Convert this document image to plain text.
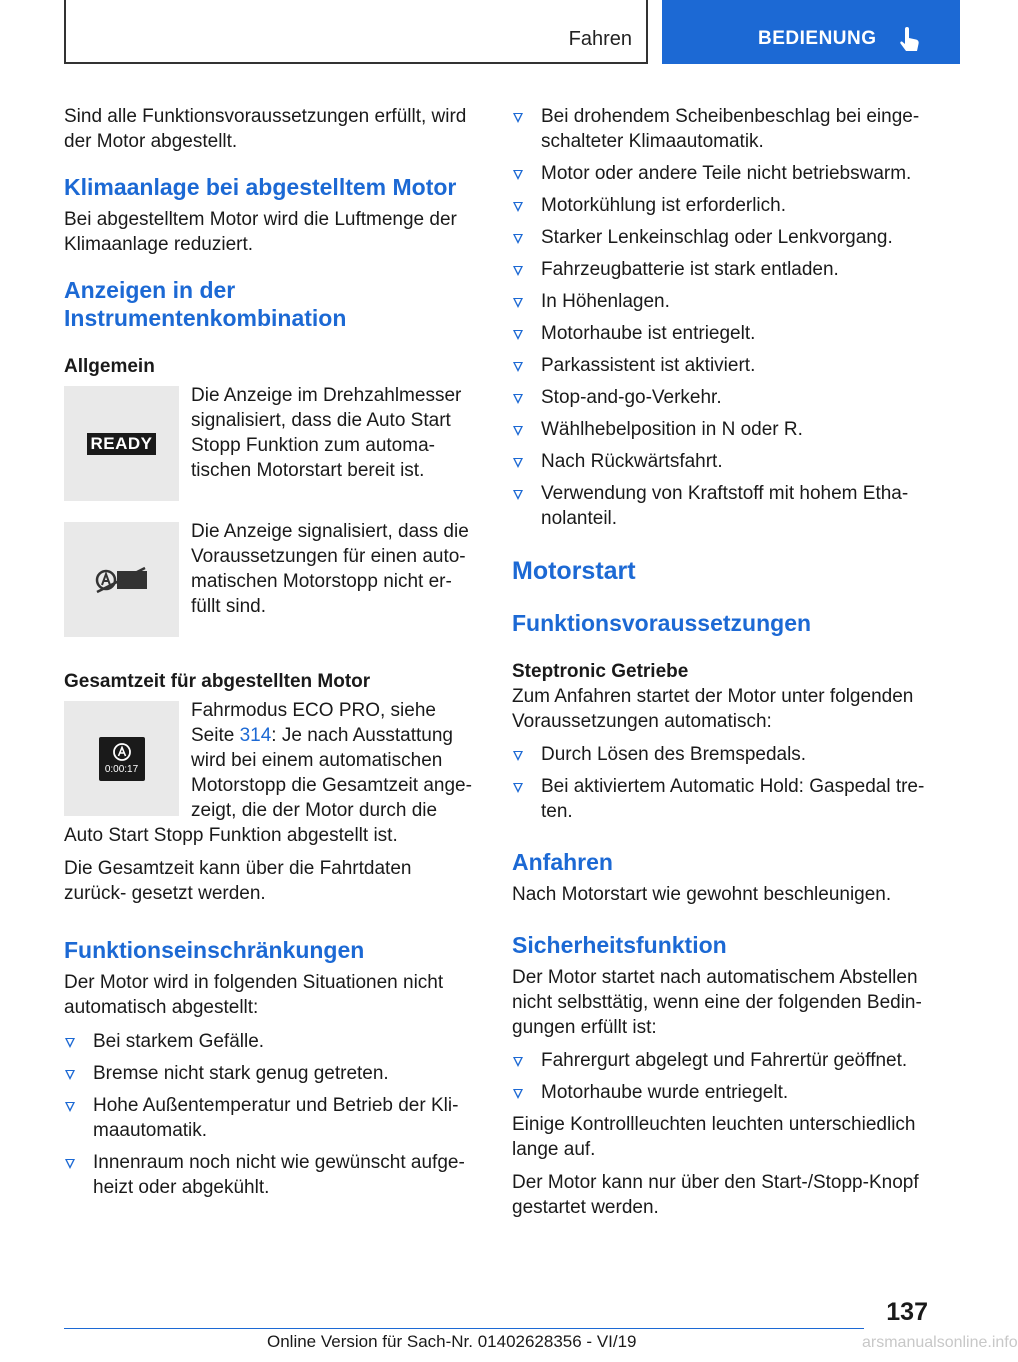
Fahren	BEDIENUNG

Sind alle Funktionsvoraussetzungen erfüllt, wird der Motor abgestellt.

Klimaanlage bei abgestelltem Motor

Bei abgestelltem Motor wird die Luftmenge der Klimaanlage reduziert.

Anzeigen in der Instrumentenkombination
Allgemein
READY

Die Anzeige im Drehzahlmesser signalisiert, dass die Auto Start Stopp Funktion zum automa‐ tischen Motorstart bereit ist.

Die Anzeige signalisiert, dass die Voraussetzungen für einen auto‐ matischen Motorstopp nicht er‐ füllt sind.

Gesamtzeit für abgestellten Motor
0:00:17

Fahrmodus ECO PRO, siehe Seite 314: Je nach Ausstattung wird bei einem automatischen Motorstopp die Gesamtzeit ange‐ zeigt, die der Motor durch die

Auto Start Stopp Funktion abgestellt ist.

Die Gesamtzeit kann über die Fahrtdaten zurück‐ gesetzt werden.

Funktionseinschränkungen

Der Motor wird in folgenden Situationen nicht automatisch abgestellt:

Bei starkem Gefälle.
Bremse nicht stark genug getreten.
Hohe Außentemperatur und Betrieb der Kli‐ maautomatik.
Innenraum noch nicht wie gewünscht aufge‐ heizt oder abgekühlt.
Bei drohendem Scheibenbeschlag bei einge‐ schalteter Klimaautomatik.
Motor oder andere Teile nicht betriebswarm.
Motorkühlung ist erforderlich.
Starker Lenkeinschlag oder Lenkvorgang.
Fahrzeugbatterie ist stark entladen.
In Höhenlagen.
Motorhaube ist entriegelt.
Parkassistent ist aktiviert.
Stop-and-go-Verkehr.
Wählhebelposition in N oder R.
Nach Rückwärtsfahrt.
Verwendung von Kraftstoff mit hohem Etha‐ nolanteil.
Motorstart
Funktionsvoraussetzungen
Steptronic Getriebe

Zum Anfahren startet der Motor unter folgenden Voraussetzungen automatisch:

Durch Lösen des Bremspedals.
Bei aktiviertem Automatic Hold: Gaspedal tre‐ ten.
Anfahren

Nach Motorstart wie gewohnt beschleunigen.

Sicherheitsfunktion

Der Motor startet nach automatischem Abstellen nicht selbsttätig, wenn eine der folgenden Bedin‐ gungen erfüllt ist:

Fahrergurt abgelegt und Fahrertür geöffnet.
Motorhaube wurde entriegelt.

Einige Kontrollleuchten leuchten unterschiedlich lange auf.

Der Motor kann nur über den Start-/Stopp-Knopf gestartet werden.

137
Online Version für Sach-Nr. 01402628356 - VI/19	arsmanualsonline.info
